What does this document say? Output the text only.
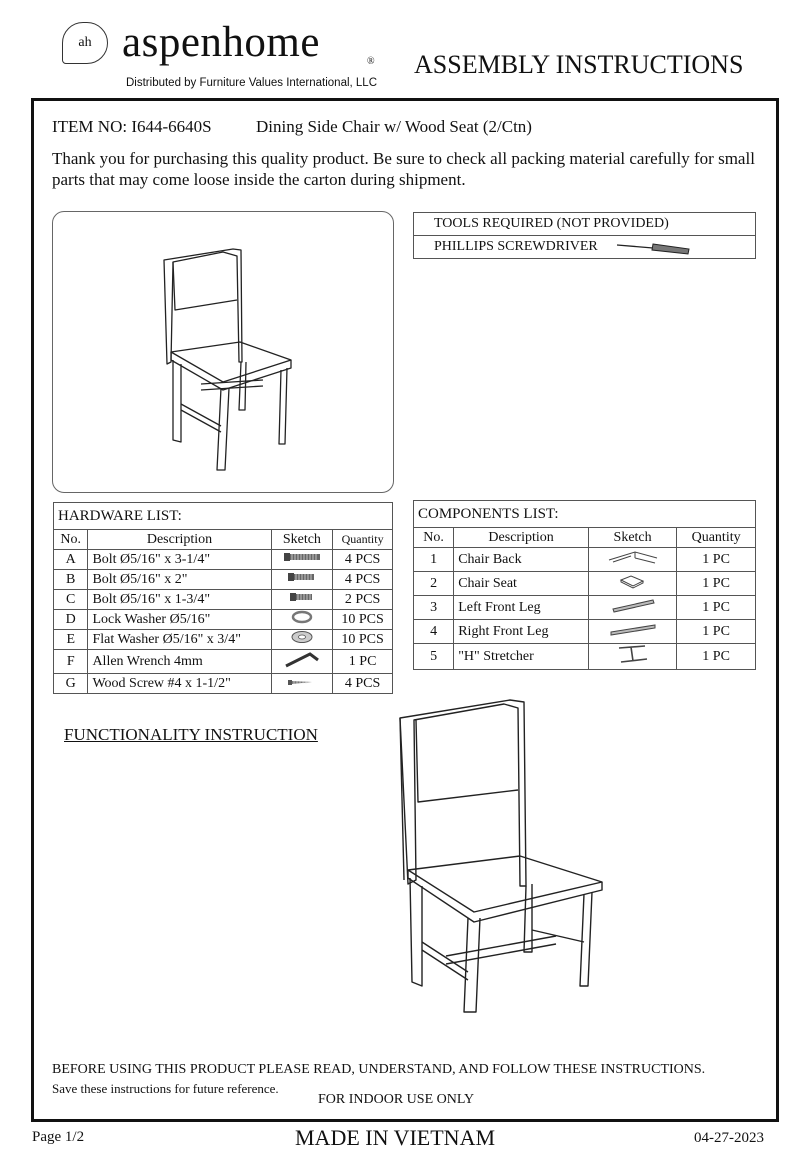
ah aspenhome	®
Distributed by Furniture Values International, LLC
ASSEMBLY INSTRUCTIONS
ITEM NO: I644-6640S	Dining Side Chair w/ Wood Seat (2/Ctn)
Thank you for purchasing this quality product. Be sure to check all packing material carefully for small parts that may come loose inside the carton during shipment.
TOOLS REQUIRED (NOT PROVIDED)
PHILLIPS SCREWDRIVER
HARDWARE LIST:			
No.	Description	Sketch	Quantity
A	Bolt Ø5/16" x 3-1/4"		4 PCS
B	Bolt Ø5/16" x 2"		4 PCS
C	Bolt Ø5/16" x 1-3/4"		2 PCS
D	Lock Washer Ø5/16"		10 PCS
E	Flat Washer Ø5/16" x 3/4"		10 PCS
F	Allen Wrench 4mm		1 PC
G	Wood Screw #4 x 1-1/2"		4 PCS
COMPONENTS LIST:			
No.	Description	Sketch	Quantity
1	Chair Back		1 PC
2	Chair Seat		1 PC
3	Left Front Leg		1 PC
4	Right Front Leg		1 PC
5	"H" Stretcher		1 PC
FUNCTIONALITY INSTRUCTION
BEFORE USING THIS PRODUCT PLEASE READ, UNDERSTAND, AND FOLLOW THESE INSTRUCTIONS.
Save these instructions for future reference.
FOR INDOOR USE ONLY
Page 1/2	MADE IN VIETNAM	04-27-2023
